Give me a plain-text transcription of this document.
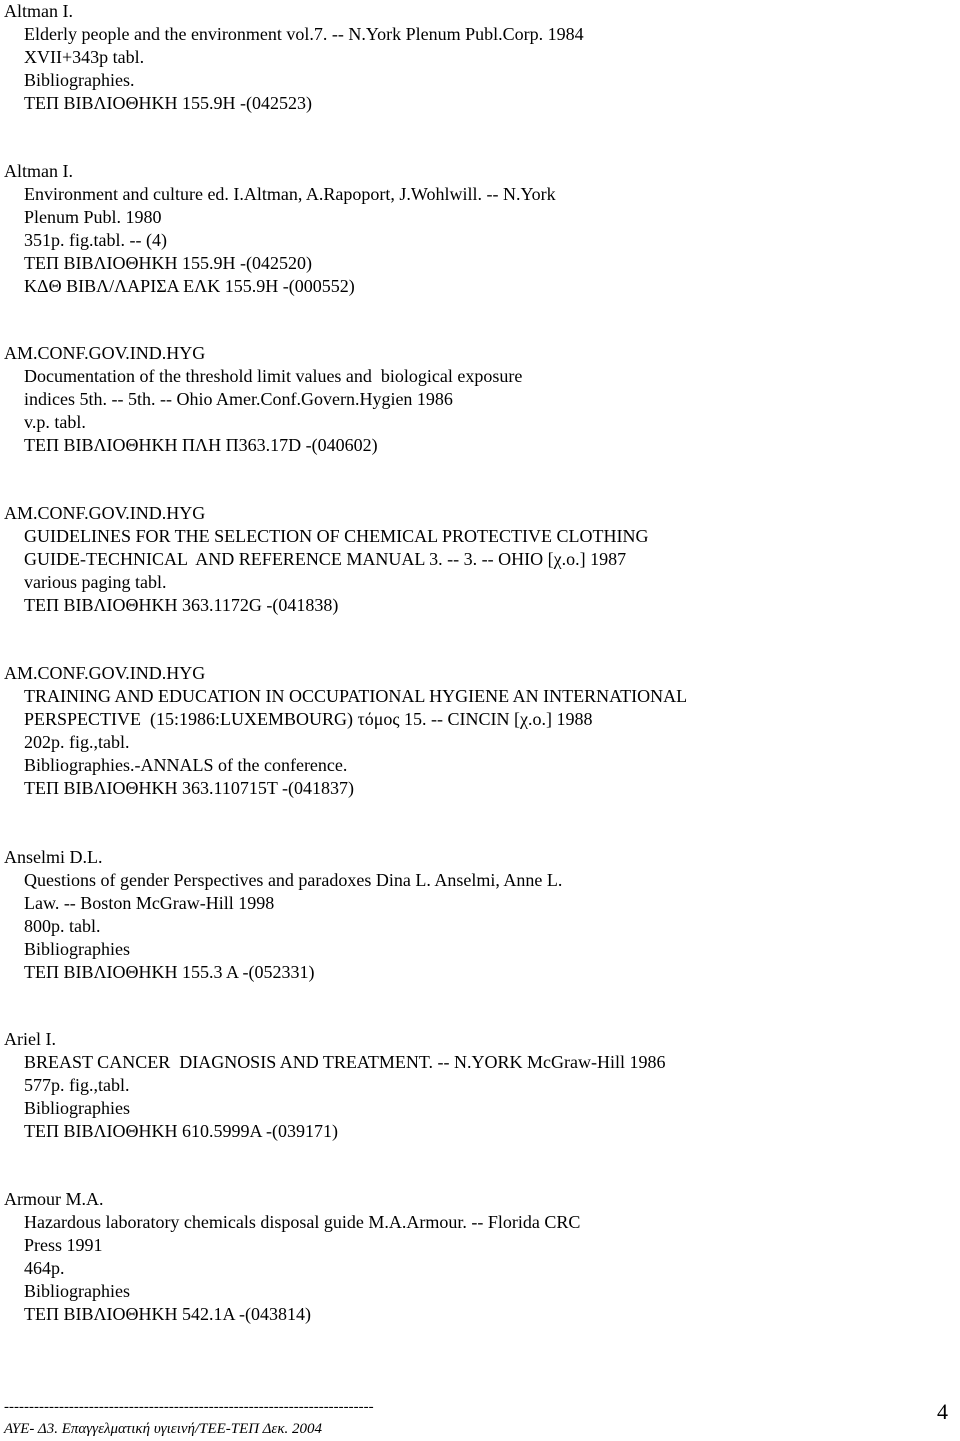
Altman I.
Elderly people and the environment vol.7. -- N.York Plenum Publ.Corp. 1984
XVII+343p tabl.
Bibliographies.
ΤΕΠ ΒΙΒΛΙΟΘΗΚΗ 155.9Η -(042523)
Altman I.
Environment and culture ed. I.Altman, A.Rapoport, J.Wohlwill. -- N.York
Plenum Publ. 1980
351p. fig.tabl. -- (4)
ΤΕΠ ΒΙΒΛΙΟΘΗΚΗ 155.9Η -(042520)
ΚΔΘ ΒΙΒΛ/ΛΑΡΙΣΑ ΕΛΚ 155.9Η -(000552)
AM.CONF.GOV.IND.HYG
Documentation of the threshold limit values and  biological exposure
indices 5th. -- 5th. -- Ohio Amer.Conf.Govern.Hygien 1986
v.p. tabl.
ΤΕΠ ΒΙΒΛΙΟΘΗΚΗ ΠΛΗ Π363.17D -(040602)
AM.CONF.GOV.IND.HYG
GUIDELINES FOR THE SELECTION OF CHEMICAL PROTECTIVE CLOTHING
GUIDE-TECHNICAL  AND REFERENCE MANUAL 3. -- 3. -- OHIO [χ.ο.] 1987
various paging tabl.
ΤΕΠ ΒΙΒΛΙΟΘΗΚΗ 363.1172G -(041838)
AM.CONF.GOV.IND.HYG
TRAINING AND EDUCATION IN OCCUPATIONAL HYGIENE AN INTERNATIONAL
PERSPECTIVE  (15:1986:LUXEMBOURG) τόμος 15. -- CINCIN [χ.ο.] 1988
202p. fig.,tabl.
Bibliographies.-ANNALS of the conference.
ΤΕΠ ΒΙΒΛΙΟΘΗΚΗ 363.110715T -(041837)
Anselmi D.L.
Questions of gender Perspectives and paradoxes Dina L. Anselmi, Anne L.
Law. -- Boston McGraw-Hill 1998
800p. tabl.
Bibliographies
ΤΕΠ ΒΙΒΛΙΟΘΗΚΗ 155.3 Α -(052331)
Ariel I.
BREAST CANCER  DIAGNOSIS AND TREATMENT. -- N.YORK McGraw-Hill 1986
577p. fig.,tabl.
Bibliographies
ΤΕΠ ΒΙΒΛΙΟΘΗΚΗ 610.5999Α -(039171)
Armour M.A.
Hazardous laboratory chemicals disposal guide M.A.Armour. -- Florida CRC
Press 1991
464p.
Bibliographies
ΤΕΠ ΒΙΒΛΙΟΘΗΚΗ 542.1Α -(043814)
--------------------------------------------------------------------------
ΑΥΕ- Δ3. Επαγγελματική υγιεινή/ΤΕΕ-ΤΕΠ Δεκ. 2004
4
